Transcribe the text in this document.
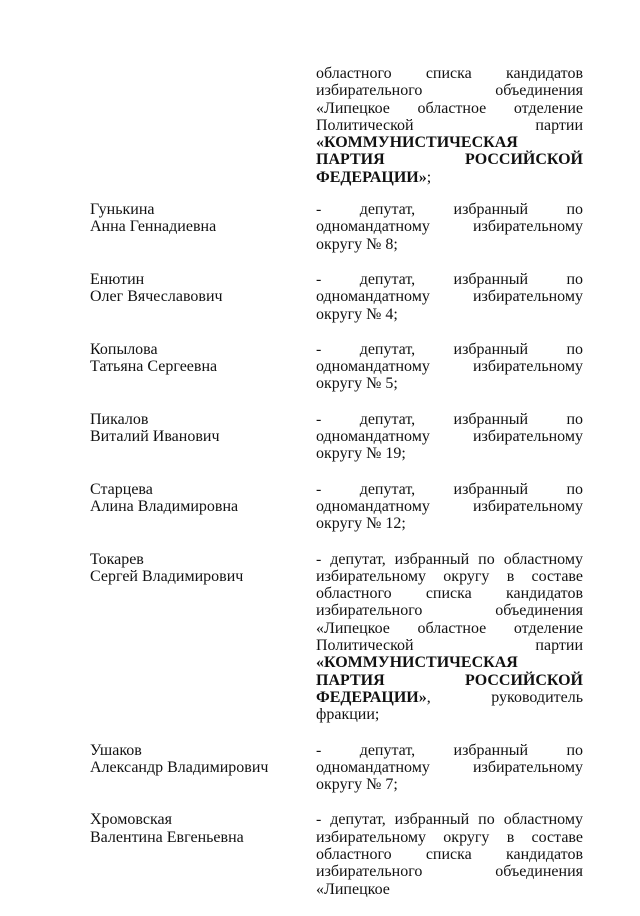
областного списка кандидатов избирательного объединения «Липецкое областное отделение Политической партии «КОММУНИСТИЧЕСКАЯ ПАРТИЯ РОССИЙСКОЙ ФЕДЕРАЦИИ»;
Гунькина
Анна Геннадиевна
- депутат, избранный по одномандатному избирательному округу № 8;
Енютин
Олег Вячеславович
- депутат, избранный по одномандатному избирательному округу № 4;
Копылова
Татьяна Сергеевна
- депутат, избранный по одномандатному избирательному округу № 5;
Пикалов
Виталий Иванович
- депутат, избранный по одномандатному избирательному округу № 19;
Старцева
Алина Владимировна
- депутат, избранный по одномандатному избирательному округу № 12;
Токарев
Сергей Владимирович
- депутат, избранный по областному избирательному округу в составе областного списка кандидатов избирательного объединения «Липецкое областное отделение Политической партии «КОММУНИСТИЧЕСКАЯ ПАРТИЯ РОССИЙСКОЙ ФЕДЕРАЦИИ», руководитель фракции;
Ушаков
Александр Владимирович
- депутат, избранный по одномандатному избирательному округу № 7;
Хромовская
Валентина Евгеньевна
- депутат, избранный по областному избирательному округу в составе областного списка кандидатов избирательного объединения «Липецкое
